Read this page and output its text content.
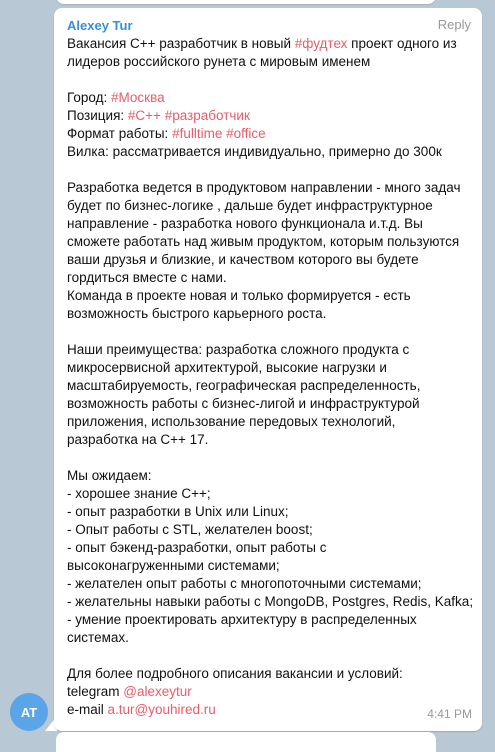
Alexey Tur	Reply
Вакансия С++ разработчик в новый #фудтех проект одного из
лидеров российского рунета с мировым именем
Город: #Москва
Позиция: #C++ #разработчик
Формат работы: #fulltime #office
Вилка: рассматривается индивидуально, примерно до 300к
Разработка ведется в продуктовом направлении - много задач
будет по бизнес-логике , дальше будет инфраструктурное
направление - разработка нового функционала и.т.д. Вы
сможете работать над живым продуктом, которым пользуются
ваши друзья и близкие, и качеством которого вы будете
гордиться вместе с нами.
Команда в проекте новая и только формируется - есть
возможность быстрого карьерного роста.
Наши преимущества: разработка сложного продукта с
микросервисной архитектурой, высокие нагрузки и
масштабируемость, географическая распределенность,
возможность работы с бизнес-лигой и инфраструктурой
приложения, использование передовых технологий,
разработка на С++ 17.
Мы ожидаем:
- хорошее знание С++;
- опыт разработки в Unix или Linux;
- Опыт работы с STL, желателен boost;
- опыт бэкенд-разработки, опыт работы с
высоконагруженными системами;
- желателен опыт работы с многопоточными системами;
- желательны навыки работы с MongoDB, Postgres, Redis, Kafka;
- умение проектировать архитектуру в распределенных
системах.
Для более подробного описания вакансии и условий:
telegram @alexeytur
e-mail a.tur@youhired.ru	4:41 PM
AT
